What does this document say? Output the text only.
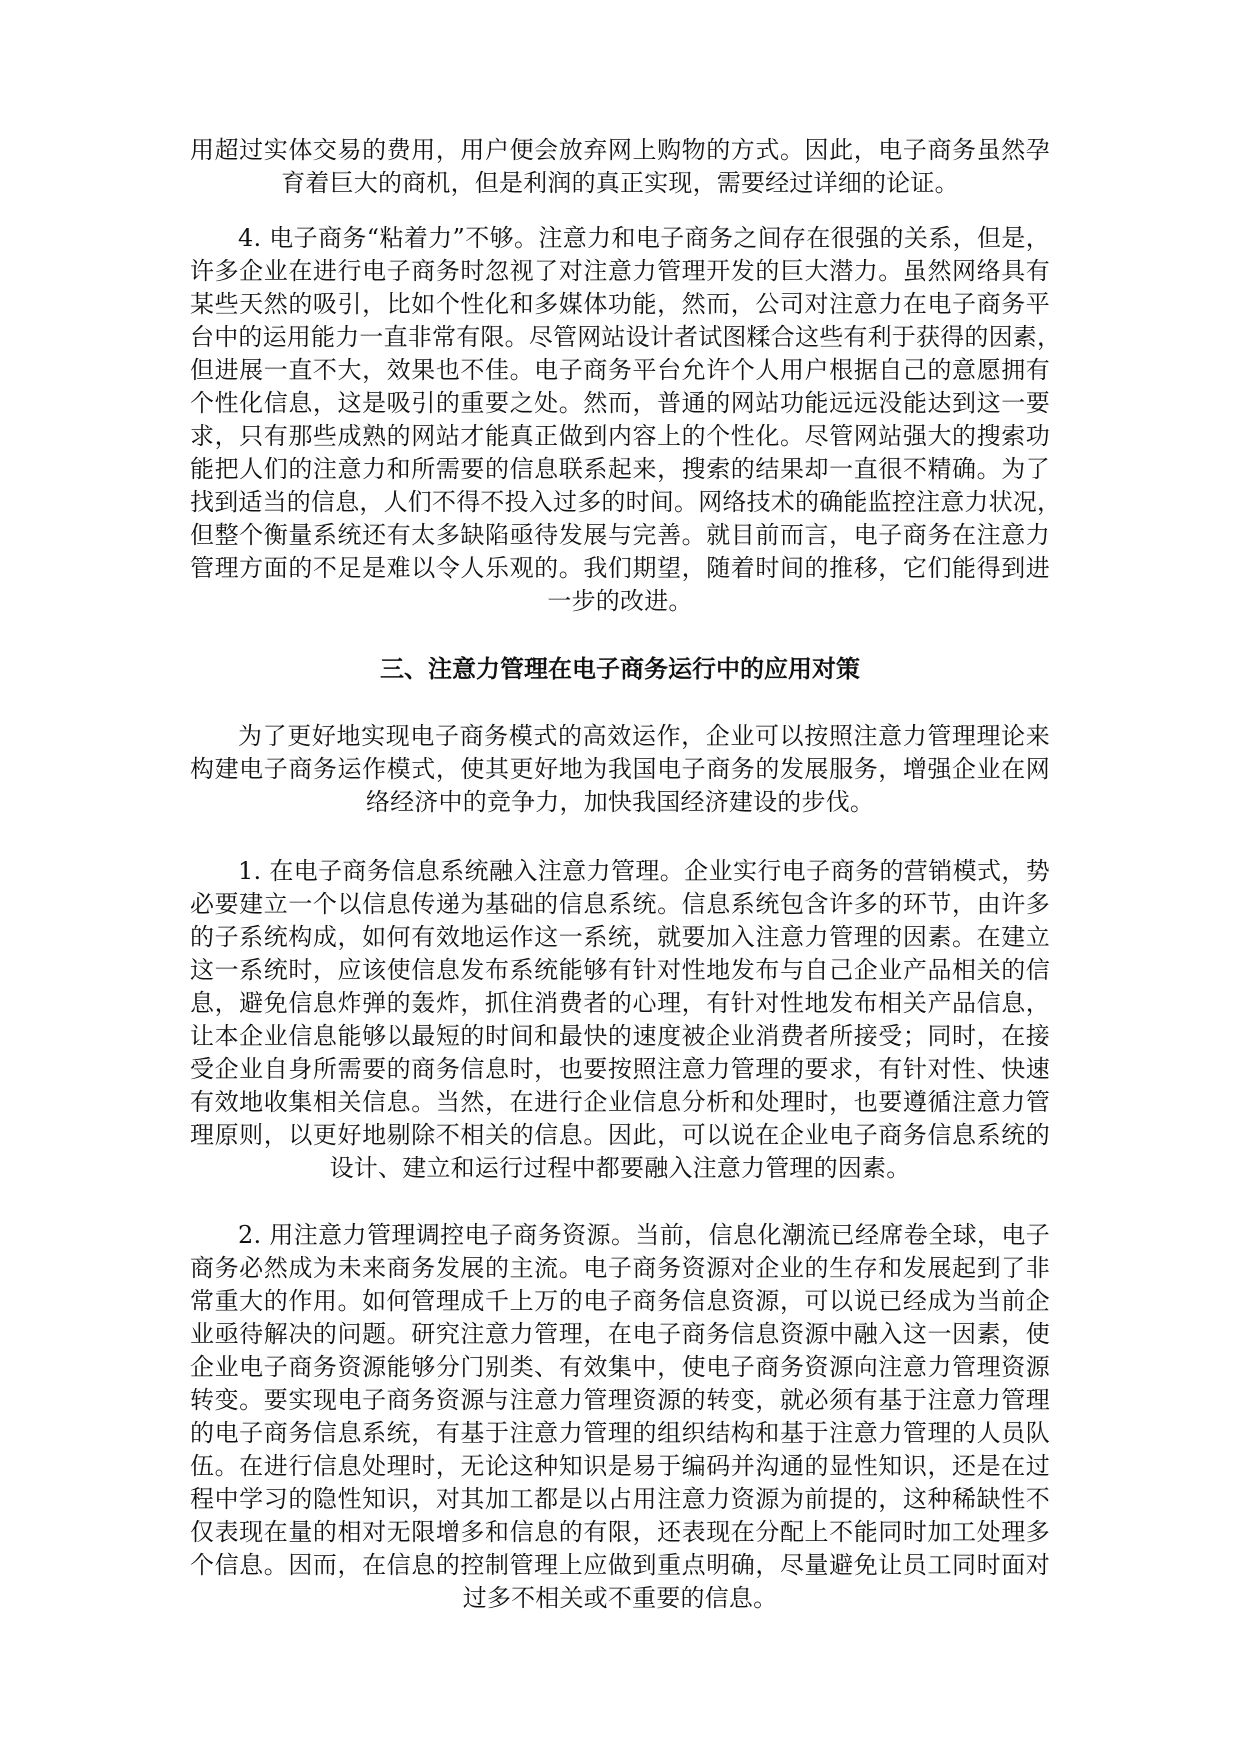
用超过实体交易的费用，用户便会放弃网上购物的方式。因此，电子商务虽然孕
育着巨大的商机，但是利润的真正实现，需要经过详细的论证。
4. 电子商务“粘着力”不够。注意力和电子商务之间存在很强的关系，但是，
许多企业在进行电子商务时忽视了对注意力管理开发的巨大潜力。虽然网络具有
某些天然的吸引，比如个性化和多媒体功能，然而，公司对注意力在电子商务平
台中的运用能力一直非常有限。尽管网站设计者试图糅合这些有利于获得的因素，
但进展一直不大，效果也不佳。电子商务平台允许个人用户根据自己的意愿拥有
个性化信息，这是吸引的重要之处。然而，普通的网站功能远远没能达到这一要
求，只有那些成熟的网站才能真正做到内容上的个性化。尽管网站强大的搜索功
能把人们的注意力和所需要的信息联系起来，搜索的结果却一直很不精确。为了
找到适当的信息，人们不得不投入过多的时间。网络技术的确能监控注意力状况，
但整个衡量系统还有太多缺陷亟待发展与完善。就目前而言，电子商务在注意力
管理方面的不足是难以令人乐观的。我们期望，随着时间的推移，它们能得到进
一步的改进。
三、注意力管理在电子商务运行中的应用对策
为了更好地实现电子商务模式的高效运作，企业可以按照注意力管理理论来
构建电子商务运作模式，使其更好地为我国电子商务的发展服务，增强企业在网
络经济中的竞争力，加快我国经济建设的步伐。
1. 在电子商务信息系统融入注意力管理。企业实行电子商务的营销模式，势
必要建立一个以信息传递为基础的信息系统。信息系统包含许多的环节，由许多
的子系统构成，如何有效地运作这一系统，就要加入注意力管理的因素。在建立
这一系统时，应该使信息发布系统能够有针对性地发布与自己企业产品相关的信
息，避免信息炸弹的轰炸，抓住消费者的心理，有针对性地发布相关产品信息，
让本企业信息能够以最短的时间和最快的速度被企业消费者所接受；同时，在接
受企业自身所需要的商务信息时，也要按照注意力管理的要求，有针对性、快速
有效地收集相关信息。当然，在进行企业信息分析和处理时，也要遵循注意力管
理原则，以更好地剔除不相关的信息。因此，可以说在企业电子商务信息系统的
设计、建立和运行过程中都要融入注意力管理的因素。
2. 用注意力管理调控电子商务资源。当前，信息化潮流已经席卷全球，电子
商务必然成为未来商务发展的主流。电子商务资源对企业的生存和发展起到了非
常重大的作用。如何管理成千上万的电子商务信息资源，可以说已经成为当前企
业亟待解决的问题。研究注意力管理，在电子商务信息资源中融入这一因素，使
企业电子商务资源能够分门别类、有效集中，使电子商务资源向注意力管理资源
转变。要实现电子商务资源与注意力管理资源的转变，就必须有基于注意力管理
的电子商务信息系统，有基于注意力管理的组织结构和基于注意力管理的人员队
伍。在进行信息处理时，无论这种知识是易于编码并沟通的显性知识，还是在过
程中学习的隐性知识，对其加工都是以占用注意力资源为前提的，这种稀缺性不
仅表现在量的相对无限增多和信息的有限，还表现在分配上不能同时加工处理多
个信息。因而，在信息的控制管理上应做到重点明确，尽量避免让员工同时面对
过多不相关或不重要的信息。
